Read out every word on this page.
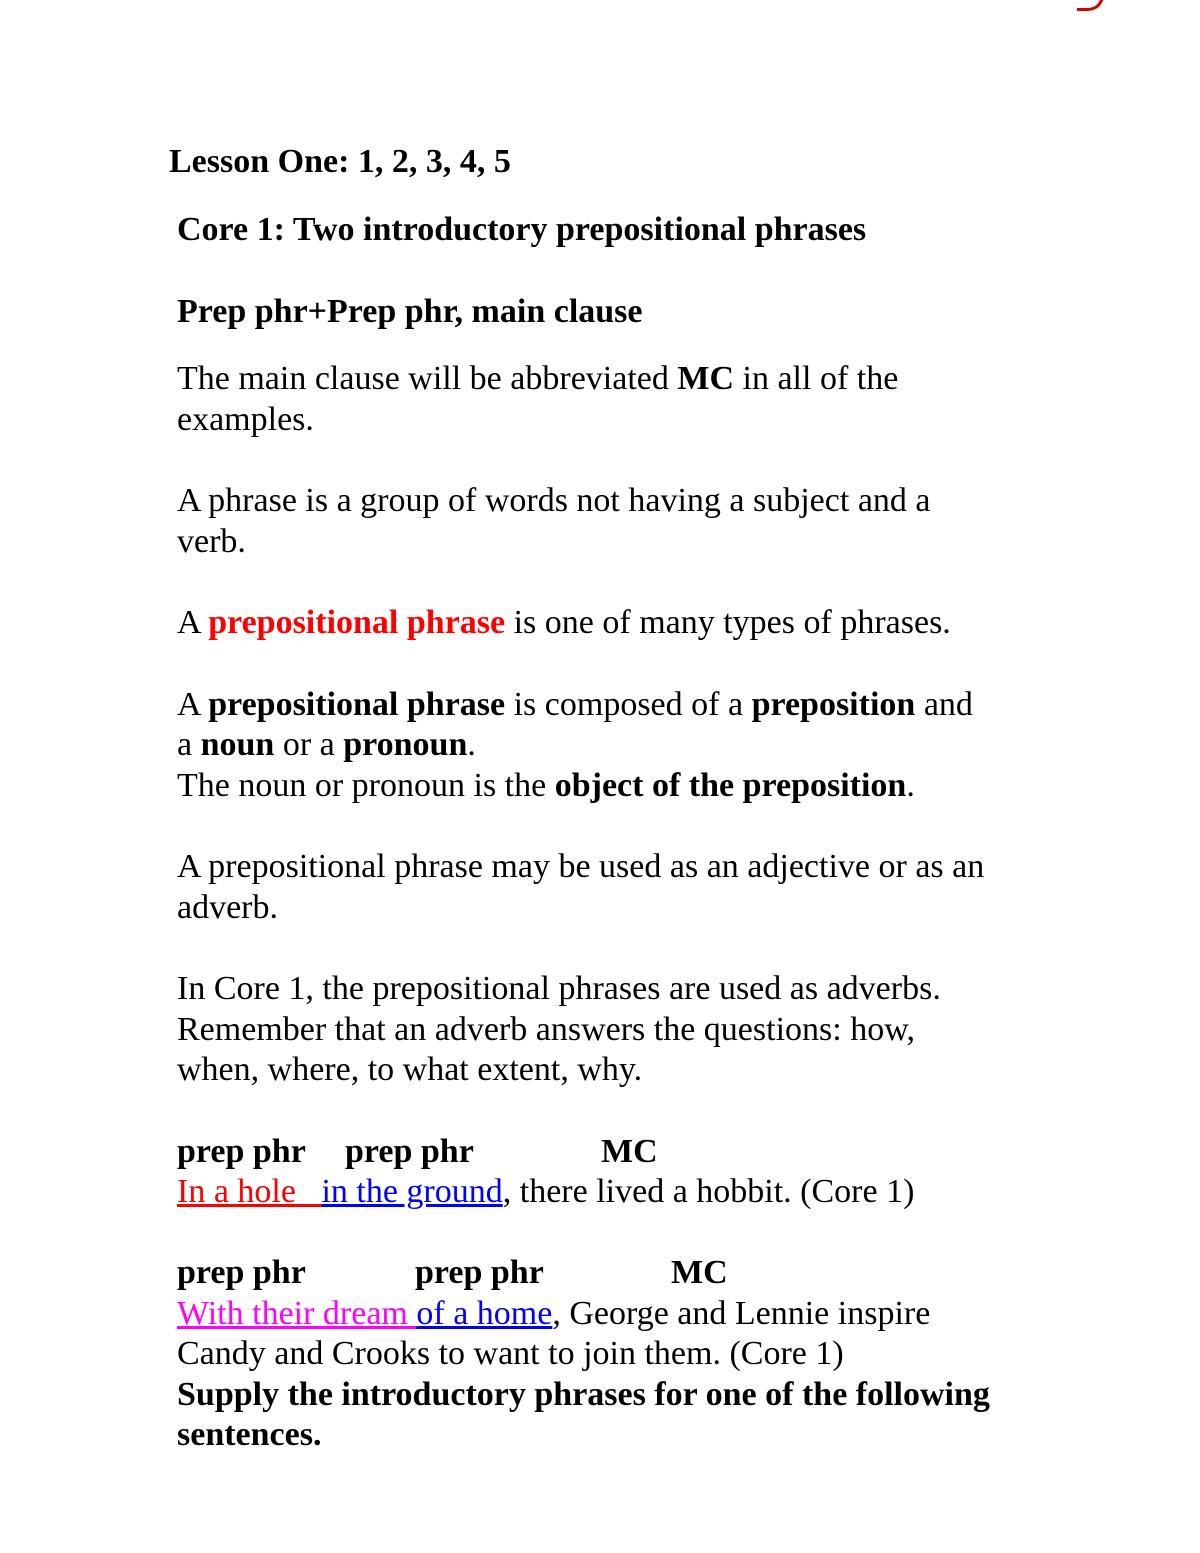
Lesson One: 1, 2, 3, 4, 5
Core 1: Two introductory prepositional phrases
Prep phr+Prep phr, main clause
The main clause will be abbreviated MC in all of the
examples.
A phrase is a group of words not having a subject and a
verb.
A prepositional phrase is one of many types of phrases.
A prepositional phrase is composed of a preposition and
a noun or a pronoun.
The noun or pronoun is the object of the preposition.
A prepositional phrase may be used as an adjective or as an
adverb.
In Core 1, the prepositional phrases are used as adverbs.
Remember that an adverb answers the questions: how,
when, where, to what extent, why.
prep phr prep phr	MC
In a hole in the ground, there lived a hobbit. (Core 1)
prep phr	prep phr	MC
With their dream of a home, George and Lennie inspire
Candy and Crooks to want to join them. (Core 1)
Supply the introductory phrases for one of the following
sentences.
